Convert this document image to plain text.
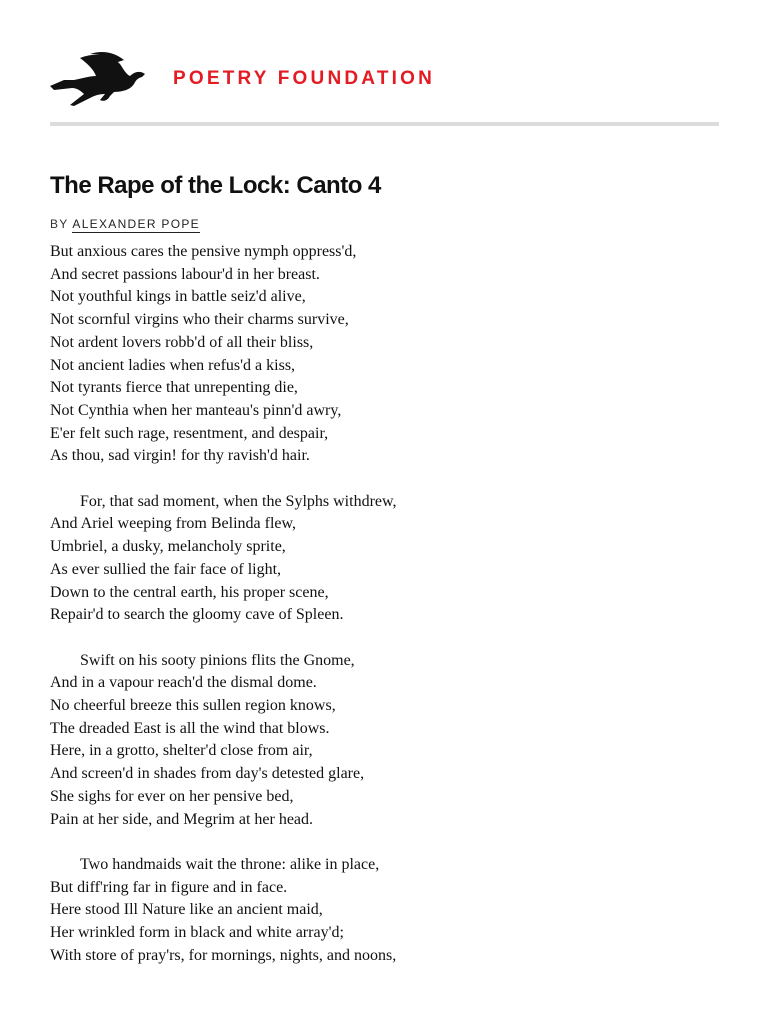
POETRY FOUNDATION
The Rape of the Lock: Canto 4
BY ALEXANDER POPE
But anxious cares the pensive nymph oppress'd,
And secret passions labour'd in her breast.
Not youthful kings in battle seiz'd alive,
Not scornful virgins who their charms survive,
Not ardent lovers robb'd of all their bliss,
Not ancient ladies when refus'd a kiss,
Not tyrants fierce that unrepenting die,
Not Cynthia when her manteau's pinn'd awry,
E'er felt such rage, resentment, and despair,
As thou, sad virgin! for thy ravish'd hair.
For, that sad moment, when the Sylphs withdrew,
And Ariel weeping from Belinda flew,
Umbriel, a dusky, melancholy sprite,
As ever sullied the fair face of light,
Down to the central earth, his proper scene,
Repair'd to search the gloomy cave of Spleen.
Swift on his sooty pinions flits the Gnome,
And in a vapour reach'd the dismal dome.
No cheerful breeze this sullen region knows,
The dreaded East is all the wind that blows.
Here, in a grotto, shelter'd close from air,
And screen'd in shades from day's detested glare,
She sighs for ever on her pensive bed,
Pain at her side, and Megrim at her head.
Two handmaids wait the throne: alike in place,
But diff'ring far in figure and in face.
Here stood Ill Nature like an ancient maid,
Her wrinkled form in black and white array'd;
With store of pray'rs, for mornings, nights, and noons,
